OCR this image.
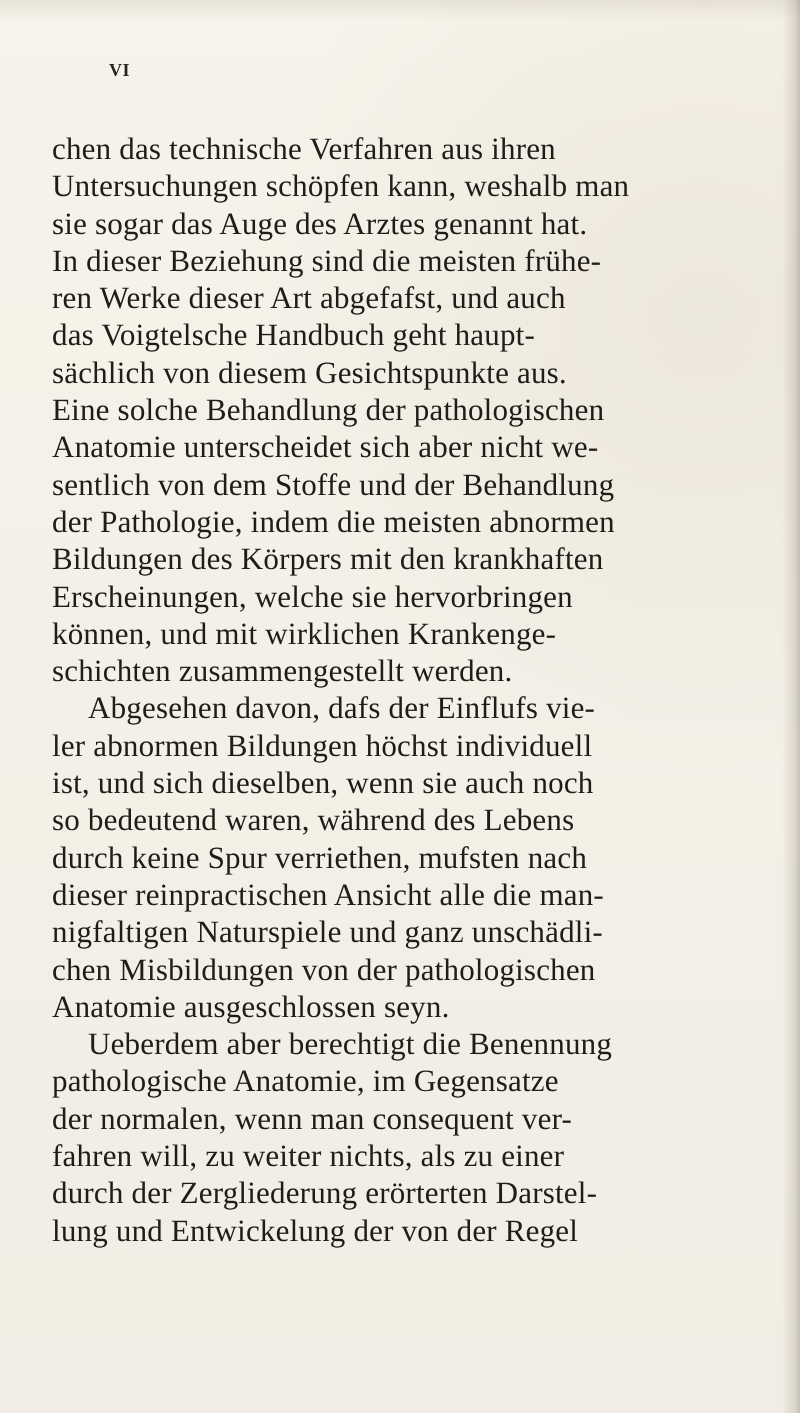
VI
chen das technische Verfahren aus ihren
Untersuchungen schöpfen kann, weshalb man
sie sogar das Auge des Arztes genannt hat.
In dieser Beziehung sind die meisten frühe-
ren Werke dieser Art abgefafst, und auch
das Voigtelsche Handbuch geht haupt-
sächlich von diesem Gesichtspunkte aus.
Eine solche Behandlung der pathologischen
Anatomie unterscheidet sich aber nicht we-
sentlich von dem Stoffe und der Behandlung
der Pathologie, indem die meisten abnormen
Bildungen des Körpers mit den krankhaften
Erscheinungen, welche sie hervorbringen
können, und mit wirklichen Krankenge-
schichten zusammengestellt werden.
Abgesehen davon, dafs der Einflufs vie-
ler abnormen Bildungen höchst individuell
ist, und sich dieselben, wenn sie auch noch
so bedeutend waren, während des Lebens
durch keine Spur verriethen, mufsten nach
dieser reinpractischen Ansicht alle die man-
nigfaltigen Naturspiele und ganz unschädli-
chen Misbildungen von der pathologischen
Anatomie ausgeschlossen seyn.
Ueberdem aber berechtigt die Benennung
pathologische Anatomie, im Gegensatze
der normalen, wenn man consequent ver-
fahren will, zu weiter nichts, als zu einer
durch der Zergliederung erörterten Darstel-
lung und Entwickelung der von der Regel
